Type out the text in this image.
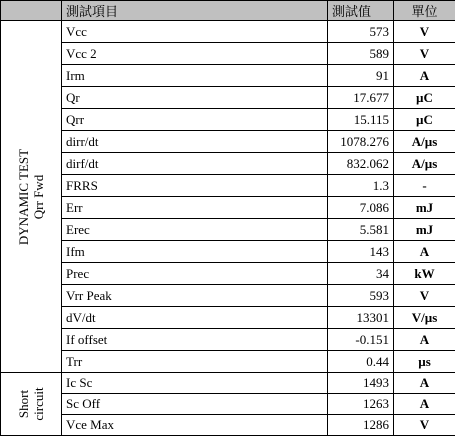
	測試項目	測試值	單位

DYNAMIC TEST Qrr Fwd	Vcc	573	V
	Vcc 2	589	V
	Irm	91	A
	Qr	17.677	µC
	Qrr	15.115	µC
	dirr/dt	1078.276	A/µs
	dirf/dt	832.062	A/µs
	FRRS	1.3	-
	Err	7.086	mJ
	Erec	5.581	mJ
	Ifm	143	A
	Prec	34	kW
	Vrr Peak	593	V
	dV/dt	13301	V/µs
	If offset	-0.151	A
	Trr	0.44	µs

Short circuit	Ic Sc	1493	A
	Sc Off	1263	A
	Vce Max	1286	V
